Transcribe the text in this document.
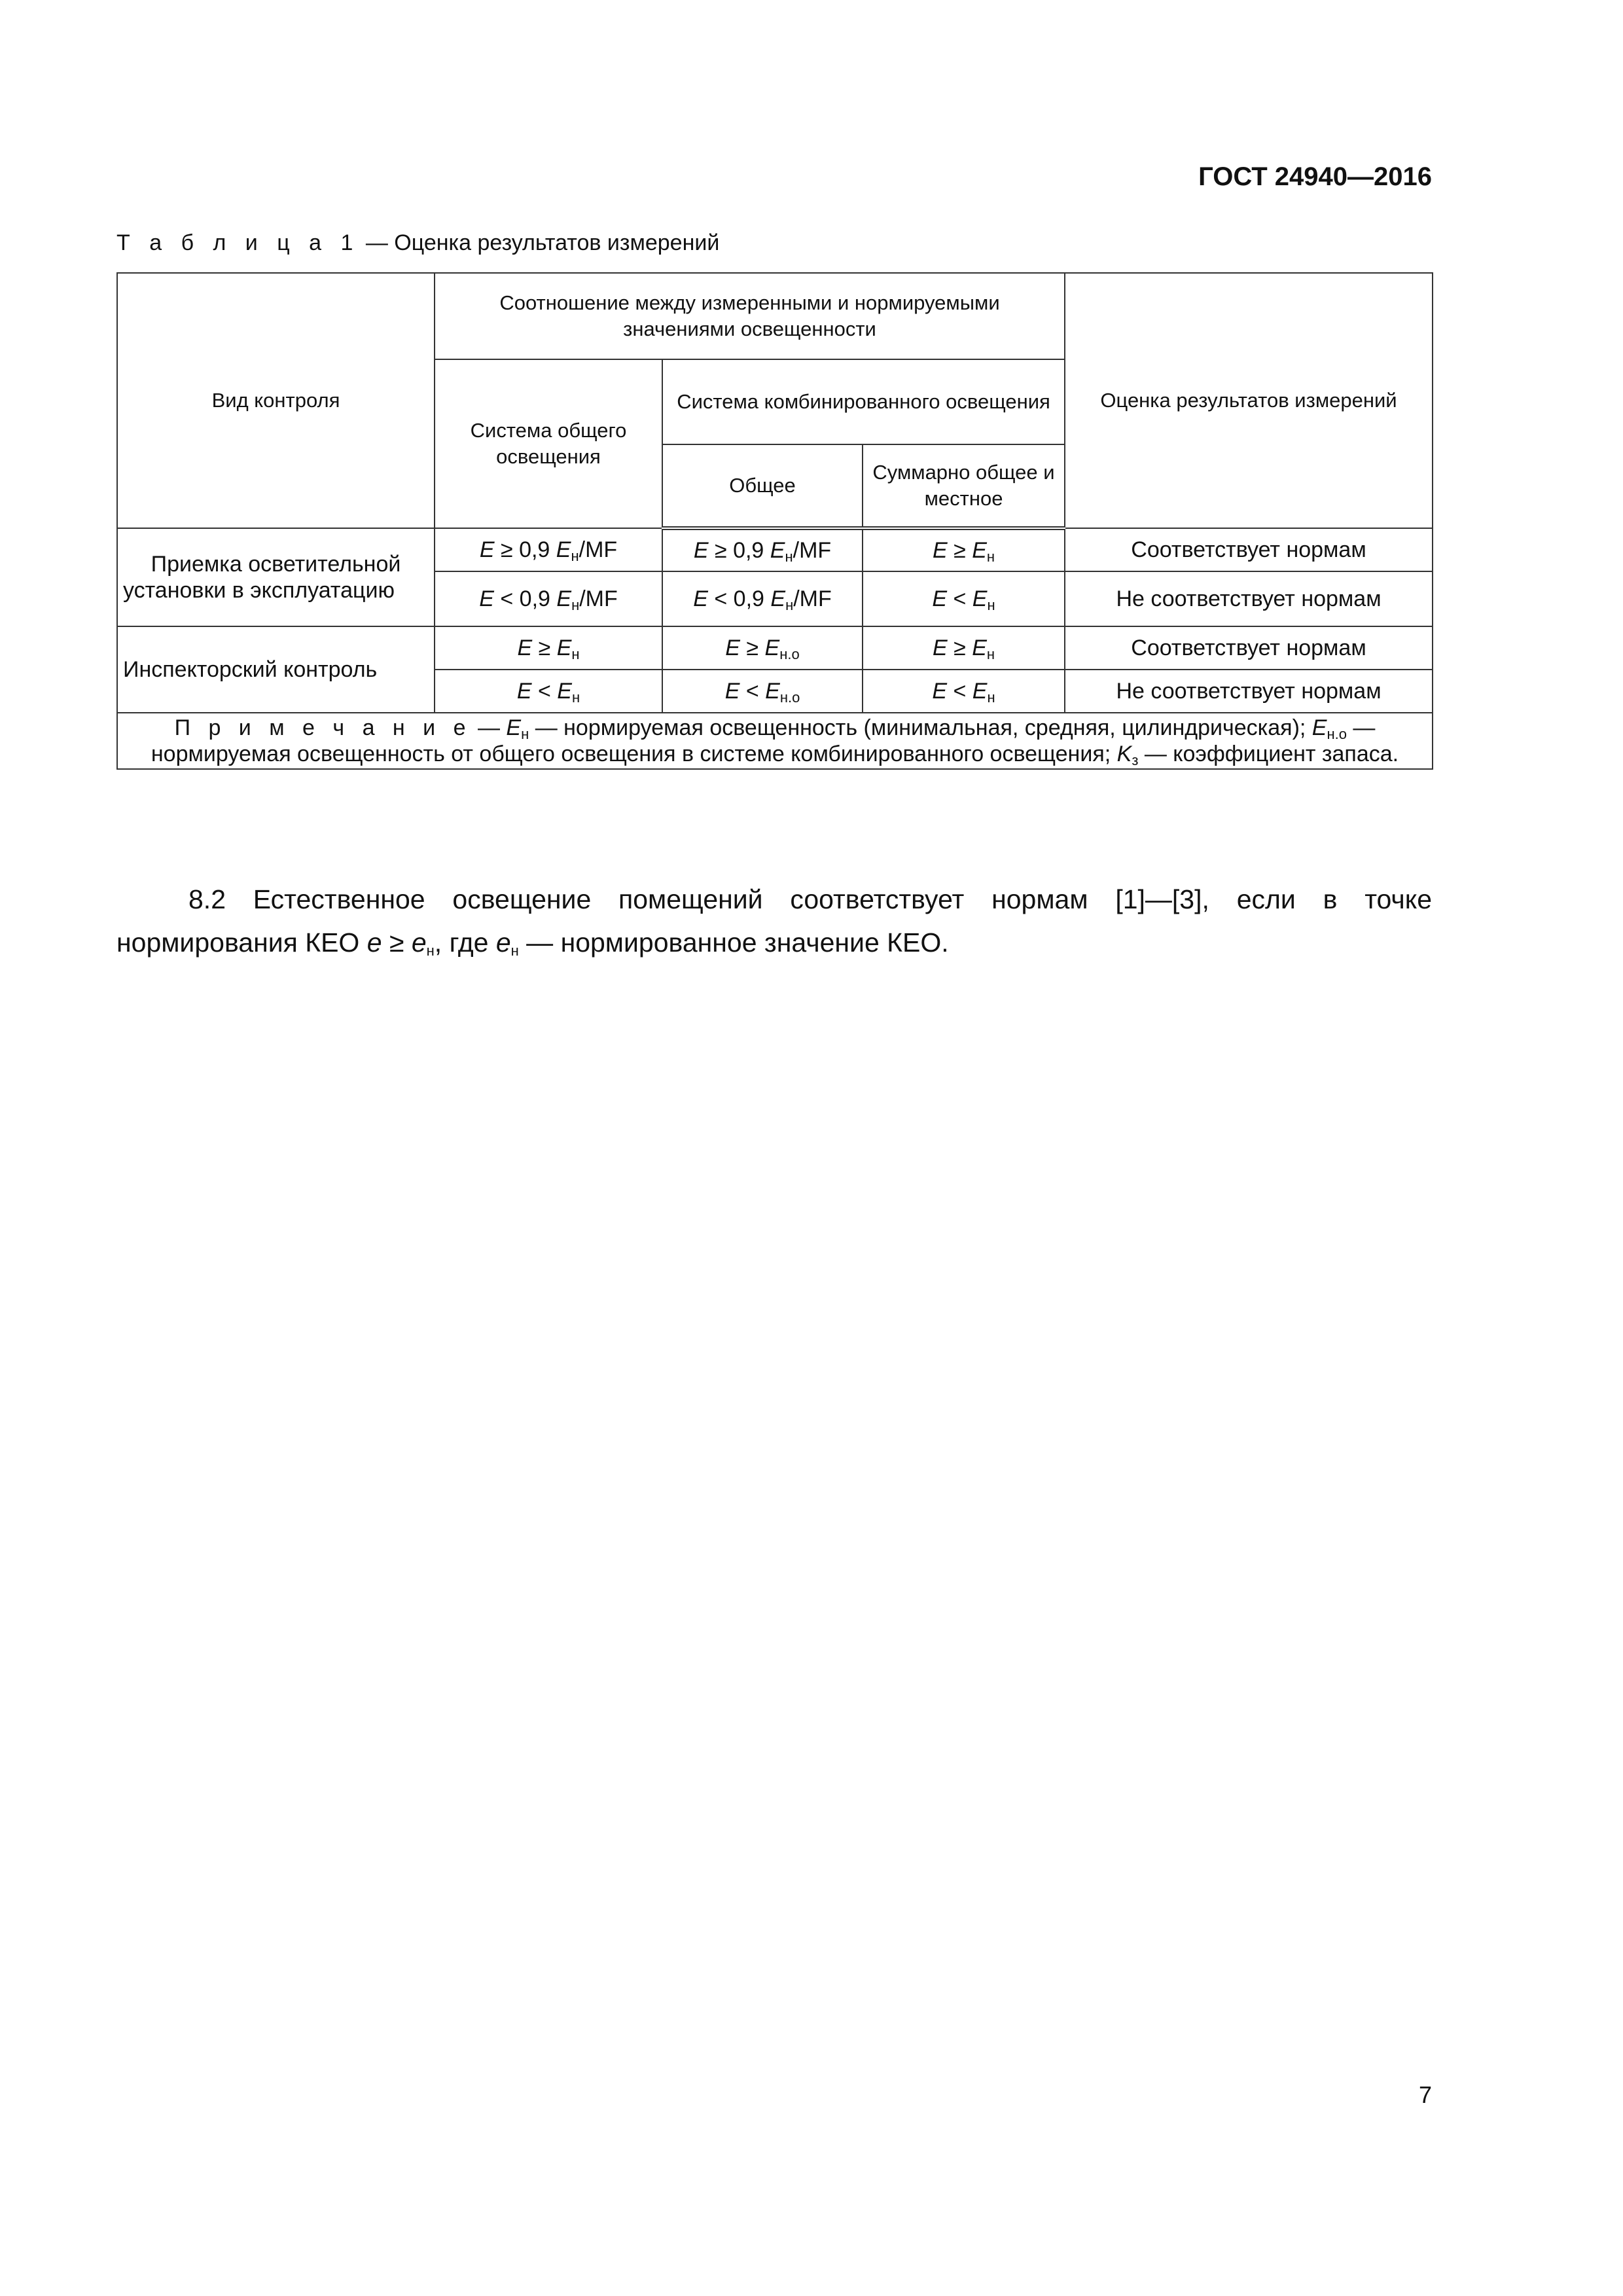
ГОСТ 24940—2016
Т а б л и ц а 1 — Оценка результатов измерений
Вид контроля	Соотношение между измеренными и нормируемыми значениями освещенности			Оценка результатов измерений
	Система общего освещения	Система комбинированного освещения		
		Общее	Суммарно общее и местное	
Приемка осветительной установки в эксплуатацию	E ≥ 0,9 $E_н/MF$	E ≥ 0,9 $E_н/MF$	$E \ge E_н$	Соответствует нормам
	E < 0,9 $E_н/MF$	E < 0,9 $E_н/MF$	$E < E_н$	Не соответствует нормам
Инспекторский контроль	$E \ge E_н$	$E \ge E_{н.о}$	$E \ge E_н$	Соответствует нормам
	$E < E_н$	$E < E_{н.о}$	$E < E_н$	Не соответствует нормам
П р и м е ч а н и е — $E_н$ — нормируемая освещенность (минимальная, средняя, цилиндрическая); $E_{н.о}$ — нормируемая освещенность от общего освещения в системе комбинированного освещения; $K_з$ — коэффициент запаса.				

8.2 Естественное освещение помещений соответствует нормам [1]—[3], если в точке нормирования КЕО $e \ge e_н$, где $e_н$ — нормированное значение КЕО.

7
